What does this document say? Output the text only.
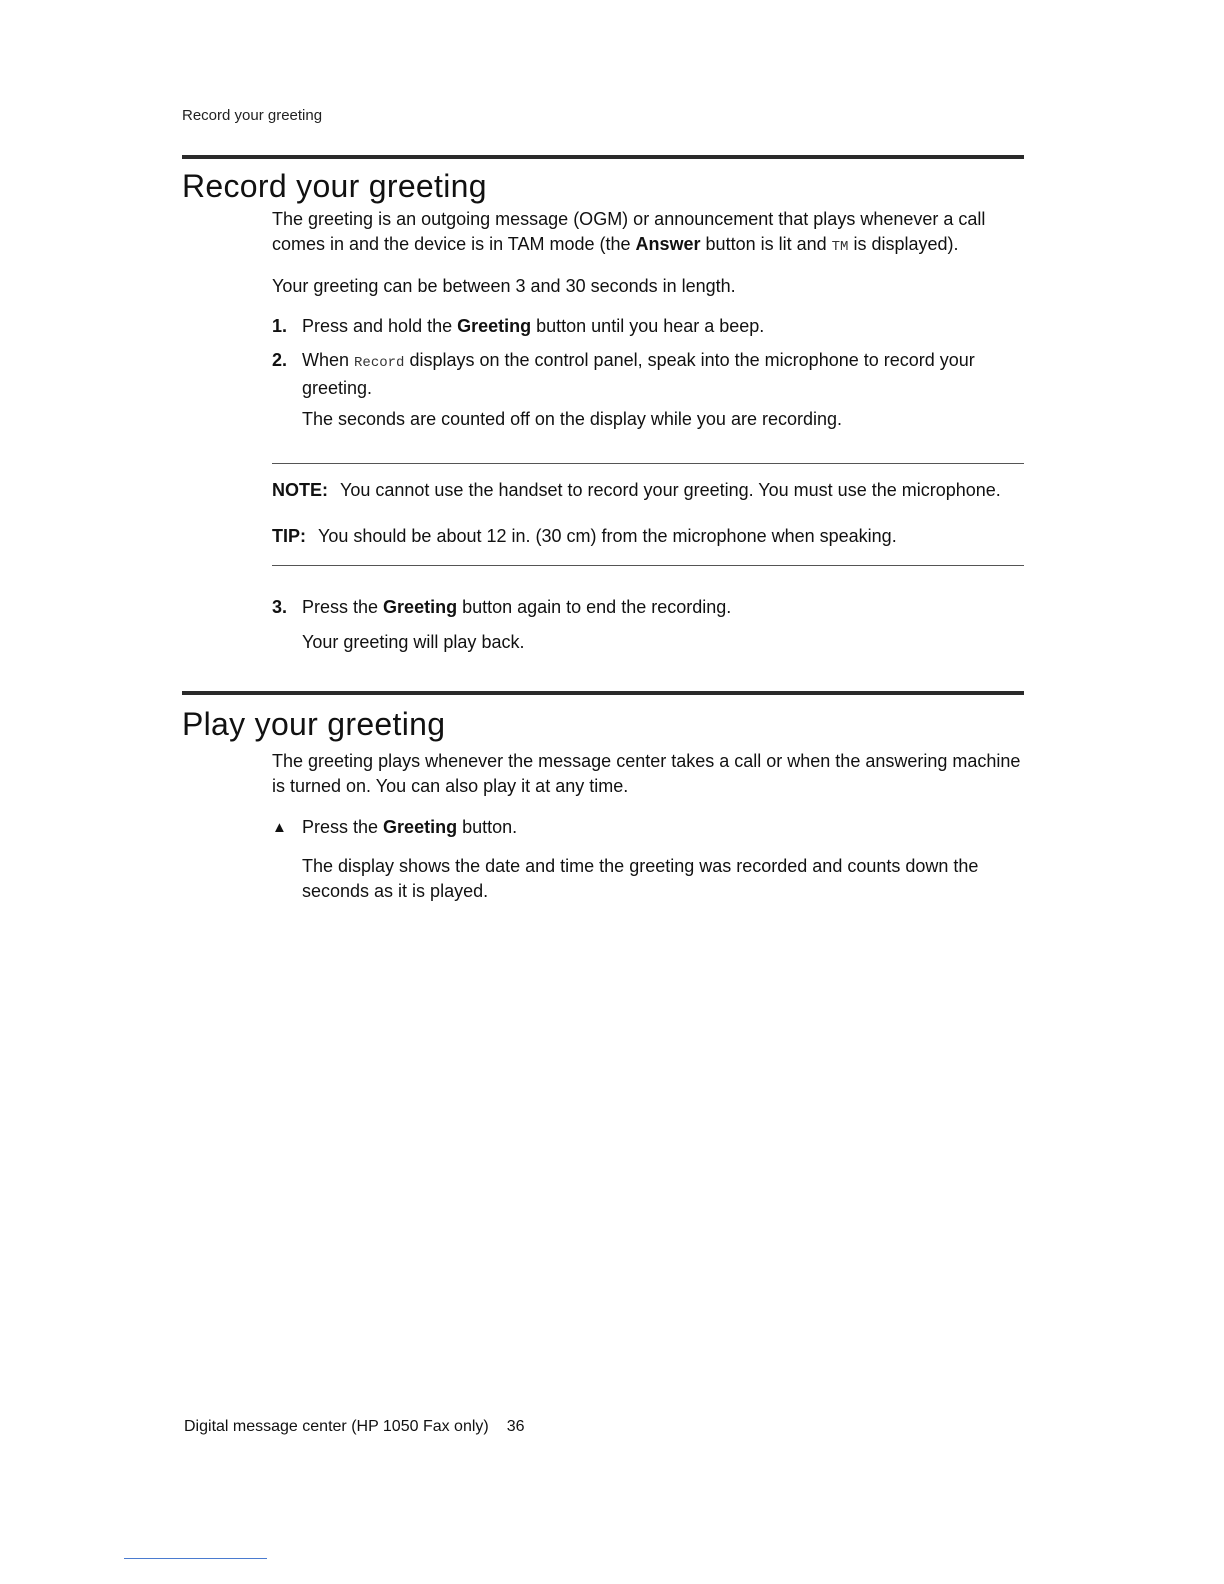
Record your greeting
Record your greeting

The greeting is an outgoing message (OGM) or announcement that plays whenever a call comes in and the device is in TAM mode (the Answer button is lit and TM is displayed).

Your greeting can be between 3 and 30 seconds in length.

1. Press and hold the Greeting button until you hear a beep.
2. When Record displays on the control panel, speak into the microphone to record your greeting.

The seconds are counted off on the display while you are recording.

NOTE: You cannot use the handset to record your greeting. You must use the microphone.
TIP: You should be about 12 in. (30 cm) from the microphone when speaking.
3. Press the Greeting button again to end the recording.

Your greeting will play back.

Play your greeting

The greeting plays whenever the message center takes a call or when the answering machine is turned on. You can also play it at any time.

▲ Press the Greeting button.

The display shows the date and time the greeting was recorded and counts down the seconds as it is played.

Digital message center (HP 1050 Fax only) 36
